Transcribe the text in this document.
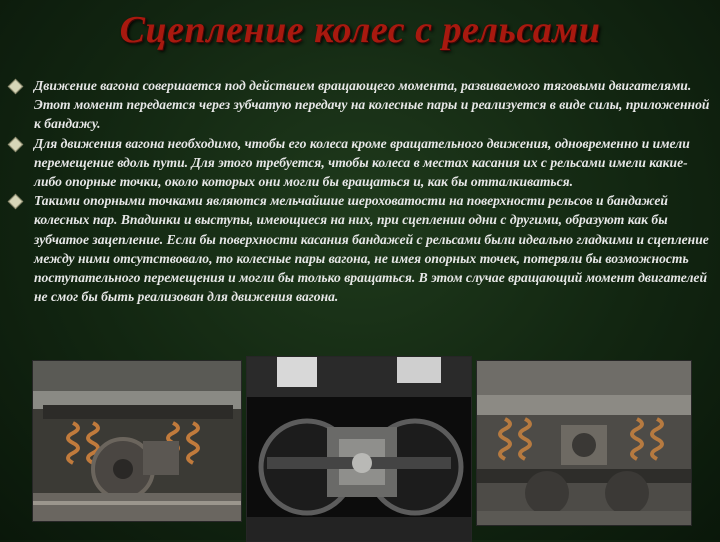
Сцепление колес с рельсами
Движение вагона совершается под действием вращающего момента, развиваемого тяговыми двигателями. Этот момент передается через зубчатую передачу на колесные пары и реализуется в виде силы, приложенной к бандажу.
Для движения вагона необходимо, чтобы его колеса кроме вращательного движения, одновременно и имели перемещение вдоль пути. Для этого требуется, чтобы колеса в местах касания их с рельсами имели какие-либо опорные точки, около которых они могли бы вращаться и, как бы отталкиваться.
Такими опорными точками являются мельчайшие шероховатости на поверхности рельсов и бандажей колесных пар. Впадинки и выступы, имеющиеся на них, при сцеплении одни с другими, образуют как бы зубчатое зацепление. Если бы поверхности касания бандажей с рельсами были идеально гладкими и сцепление между ними отсутствовало, то колесные пары вагона, не имея опорных точек, потеряли бы возможность поступательного перемещения и могли бы только вращаться. В этом случае вращающий момент двигателей не смог бы быть реализован для движения вагона.
